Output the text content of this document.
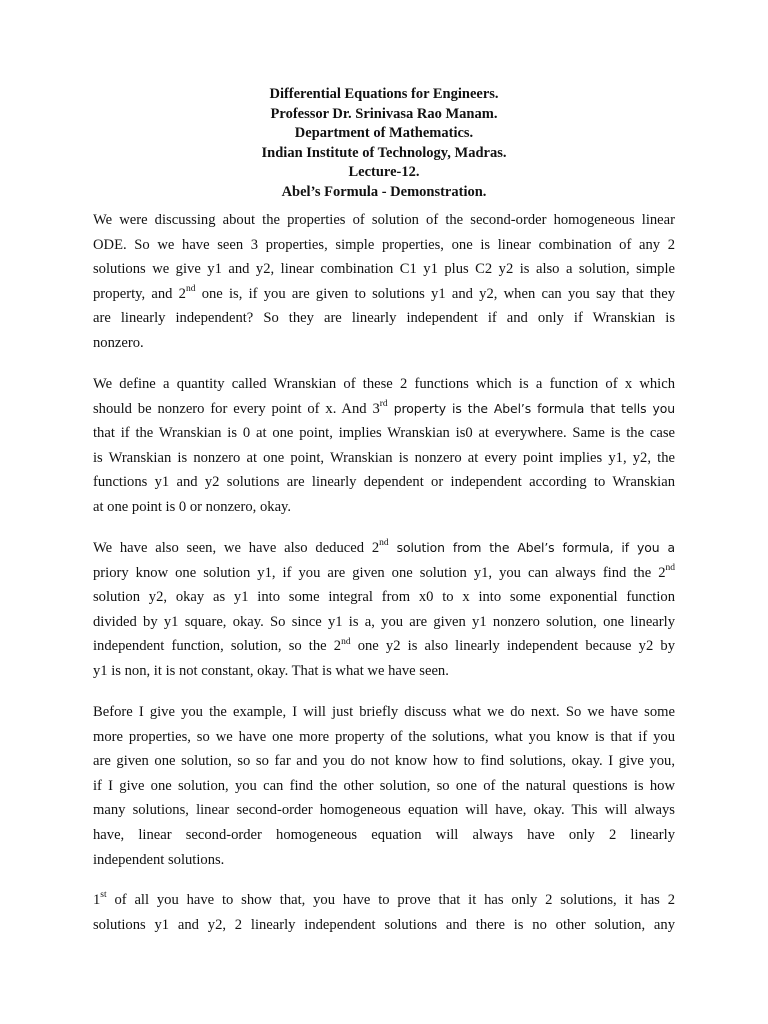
Differential Equations for Engineers.
Professor Dr. Srinivasa Rao Manam.
Department of Mathematics.
Indian Institute of Technology, Madras.
Lecture-12.
Abel’s Formula - Demonstration.
We were discussing about the properties of solution of the second-order homogeneous linear
ODE. So we have seen 3 properties, simple properties, one is linear combination of any 2
solutions we give y1 and y2, linear combination C1 y1 plus C2 y2 is also a solution, simple
property, and 2nd one is, if you are given to solutions y1 and y2, when can you say that they
are linearly independent? So they are linearly independent if and only if Wranskian is
nonzero.
We define a quantity called Wranskian of these 2 functions which is a function of x which
should be nonzero for every point of x. And 3rd property is the Abel’s formula that tells you
that if the Wranskian is 0 at one point, implies Wranskian is0 at everywhere. Same is the case
is Wranskian is nonzero at one point, Wranskian is nonzero at every point implies y1, y2, the
functions y1 and y2 solutions are linearly dependent or independent according to Wranskian
at one point is 0 or nonzero, okay.
We have also seen, we have also deduced 2nd solution from the Abel’s formula, if you a
priory know one solution y1, if you are given one solution y1, you can always find the 2nd
solution y2, okay as y1 into some integral from x0 to x into some exponential function
divided by y1 square, okay. So since y1 is a, you are given y1 nonzero solution, one linearly
independent function, solution, so the 2nd one y2 is also linearly independent because y2 by
y1 is non, it is not constant, okay. That is what we have seen.
Before I give you the example, I will just briefly discuss what we do next. So we have some
more properties, so we have one more property of the solutions, what you know is that if you
are given one solution, so so far and you do not know how to find solutions, okay. I give you,
if I give one solution, you can find the other solution, so one of the natural questions is how
many solutions, linear second-order homogeneous equation will have, okay. This will always
have, linear second-order homogeneous equation will always have only 2 linearly
independent solutions.
1st of all you have to show that, you have to prove that it has only 2 solutions, it has 2
solutions y1 and y2, 2 linearly independent solutions and there is no other solution, any
